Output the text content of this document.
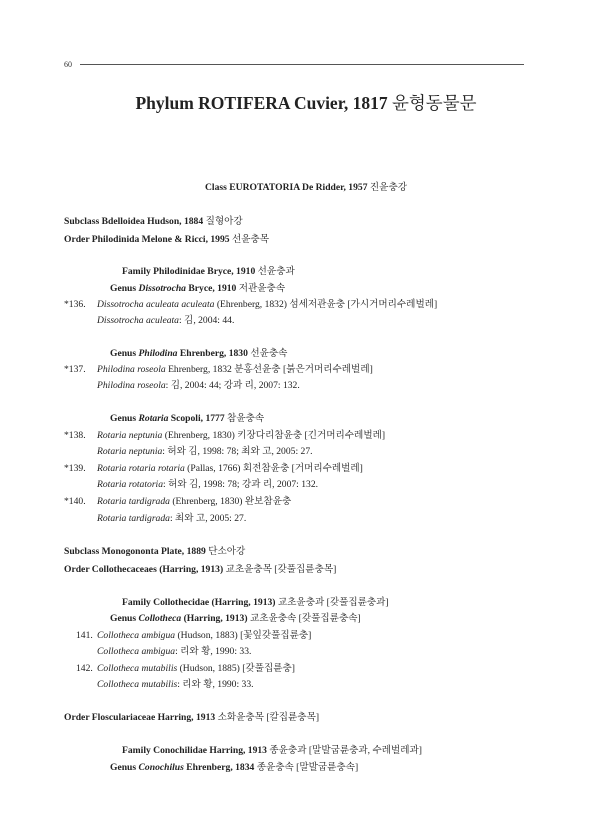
60
Phylum ROTIFERA Cuvier, 1817 윤형동물문
Class EUROTATORIA De Ridder, 1957 진윤충강
Subclass Bdelloidea Hudson, 1884 질형아강
Order Philodinida Melone & Ricci, 1995 선윤충목
Family Philodinidae Bryce, 1910 선윤충과
Genus Dissotrocha Bryce, 1910 저관윤충속
*136. Dissotrocha aculeata aculeata (Ehrenberg, 1832) 섬세저관윤충 [가시거머리수레벌레]
Dissotrocha aculeata: 김, 2004: 44.
Genus Philodina Ehrenberg, 1830 선윤충속
*137. Philodina roseola Ehrenberg, 1832 분홍선윤충 [붉은거머리수레벌레]
Philodina roseola: 김, 2004: 44; 강과 리, 2007: 132.
Genus Rotaria Scopoli, 1777 참윤충속
*138. Rotaria neptunia (Ehrenberg, 1830) 키장다리참윤충 [긴거머리수레벌레]
Rotaria neptunia: 허와 김, 1998: 78; 최와 고, 2005: 27.
*139. Rotaria rotaria rotaria (Pallas, 1766) 회전참윤충 [거머리수레벌레]
Rotaria rotatoria: 허와 김, 1998: 78; 강과 리, 2007: 132.
*140. Rotaria tardigrada (Ehrenberg, 1830) 완보참윤충
Rotaria tardigrada: 최와 고, 2005: 27.
Subclass Monogononta Plate, 1889 단소아강
Order Collothecaceaes (Harring, 1913) 교초윤충목 [갖풀집륜충목]
Family Collothecidae (Harring, 1913) 교초윤충과 [갖풀집륜충과]
Genus Collotheca (Harring, 1913) 교초윤충속 [갖풀집륜충속]
141. Collotheca ambigua (Hudson, 1883) [꽃잎갖풀집륜충]
Collotheca ambigua: 리와 황, 1990: 33.
142. Collotheca mutabilis (Hudson, 1885) [갖풀집륜충]
Collotheca mutabilis: 리와 황, 1990: 33.
Order Flosculariaceae Harring, 1913 소화윤충목 [칼집륜충목]
Family Conochilidae Harring, 1913 종윤충과 [말발굽륜충과, 수레벌레과]
Genus Conochilus Ehrenberg, 1834 종윤충속 [말발굽륜충속]
